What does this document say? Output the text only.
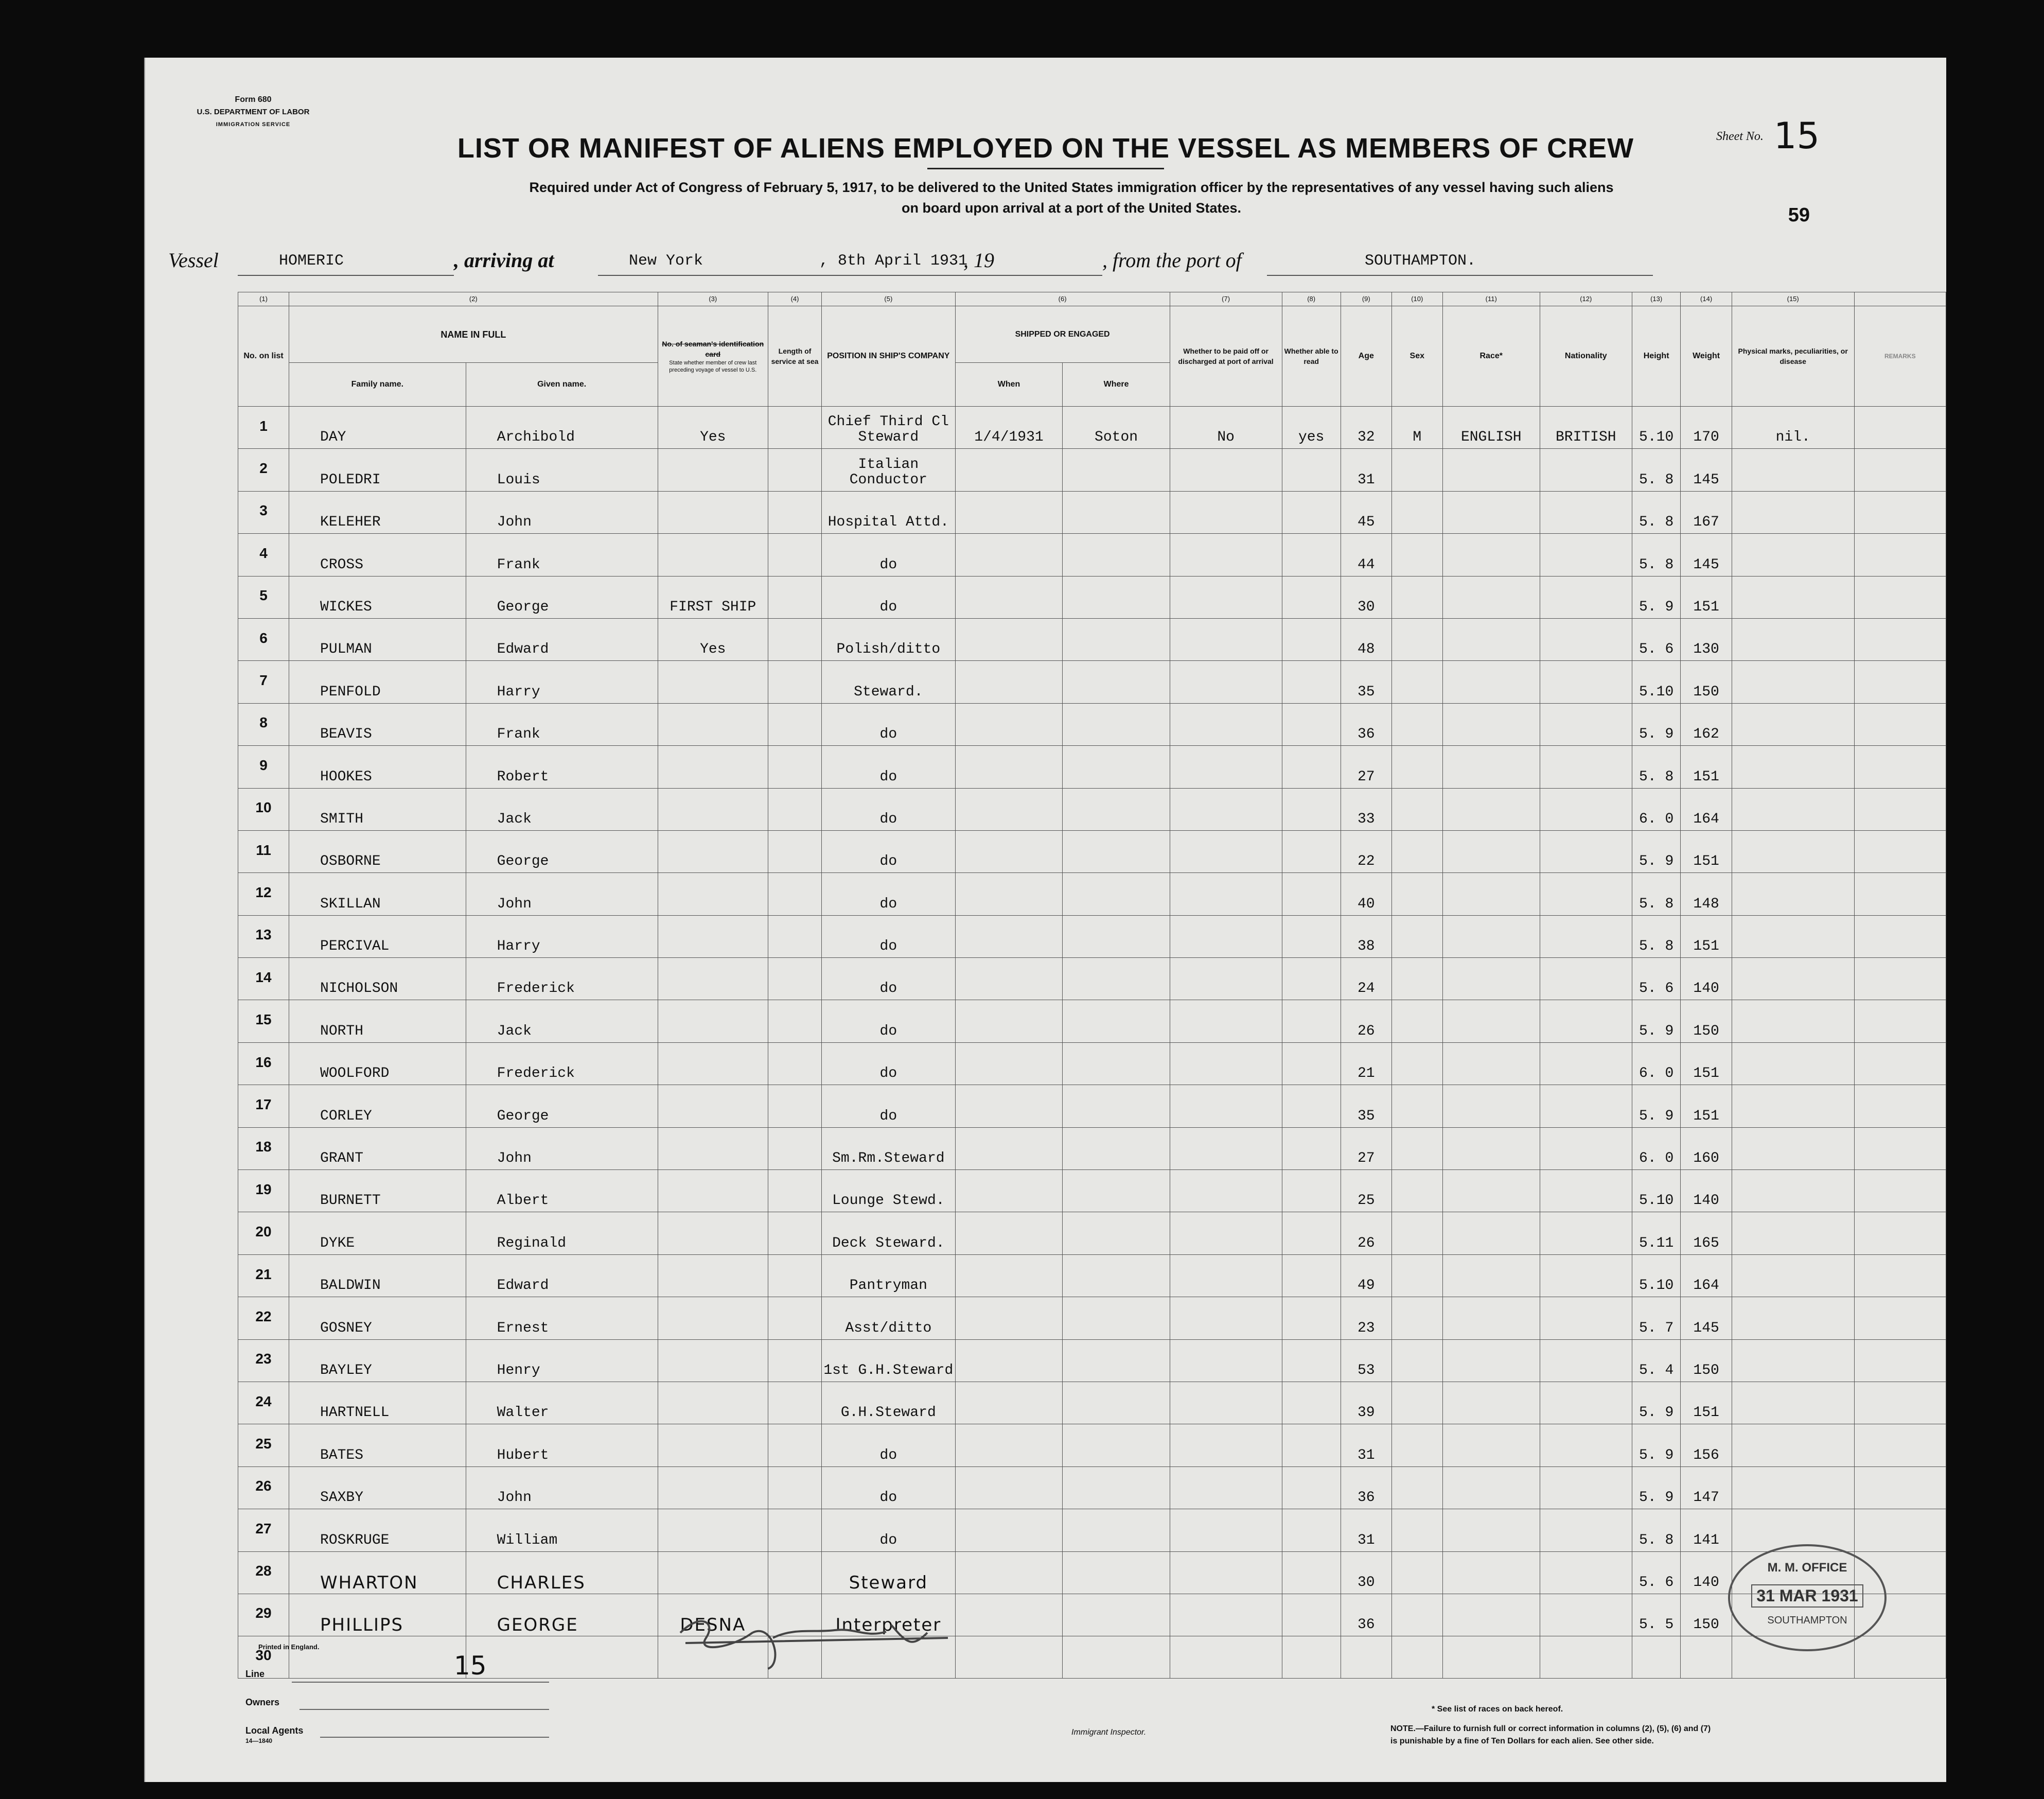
Form 680
U.S. DEPARTMENT OF LABOR
IMMIGRATION SERVICE
Sheet No. 15
LIST OR MANIFEST OF ALIENS EMPLOYED ON THE VESSEL AS MEMBERS OF CREW
Required under Act of Congress of February 5, 1917, to be delivered to the United States immigration officer by the representatives of any vessel having such aliens
on board upon arrival at a port of the United States.	59
Vessel	HOMERIC	, arriving at	New York	, 8th April 1931
, 19	, from the port of	SOUTHAMPTON.
(1)	(2)		(3)	(4)	(5)	(6)		(7)	(8)	(9)	(10)	(11)	(12)	(13)	(14)	(15)	
No. on list	NAME IN FULL		No. of seaman's identification card
State whether member of crew last preceding voyage of vessel to U.S.	Length of service at sea	POSITION IN SHIP'S COMPANY	SHIPPED OR ENGAGED		Whether to be paid off or discharged at port of arrival	Whether able to read	Age	Sex	Race*	Nationality	Height	Weight	Physical marks, peculiarities, or disease	REMARKS
	Family name.	Given name.				When	Where										
1	DAY	Archibold	Yes		Chief Third Cl Steward	1/4/1931	Soton	No	yes	32	M	ENGLISH	BRITISH	5.10	170	nil.	
2	POLEDRI	Louis			Italian Conductor					31				5. 8	145		
3	KELEHER	John			Hospital Attd.					45				5. 8	167		
4	CROSS	Frank			do					44				5. 8	145		
5	WICKES	George	FIRST SHIP		do					30				5. 9	151		
6	PULMAN	Edward	Yes		Polish/ditto					48				5. 6	130		
7	PENFOLD	Harry			Steward.					35				5.10	150		
8	BEAVIS	Frank			do					36				5. 9	162		
9	HOOKES	Robert			do					27				5. 8	151		
10	SMITH	Jack			do					33				6. 0	164		
11	OSBORNE	George			do					22				5. 9	151		
12	SKILLAN	John			do					40				5. 8	148		
13	PERCIVAL	Harry			do					38				5. 8	151		
14	NICHOLSON	Frederick			do					24				5. 6	140		
15	NORTH	Jack			do					26				5. 9	150		
16	WOOLFORD	Frederick			do					21				6. 0	151		
17	CORLEY	George			do					35				5. 9	151		
18	GRANT	John			Sm.Rm.Steward					27				6. 0	160		
19	BURNETT	Albert			Lounge Stewd.					25				5.10	140		
20	DYKE	Reginald			Deck Steward.					26				5.11	165		
21	BALDWIN	Edward			Pantryman					49				5.10	164		
22	GOSNEY	Ernest			Asst/ditto					23				5. 7	145		
23	BAYLEY	Henry			1st G.H.Steward					53				5. 4	150		
24	HARTNELL	Walter			G.H.Steward					39				5. 9	151		
25	BATES	Hubert			do					31				5. 9	156		
26	SAXBY	John			do					36				5. 9	147		
27	ROSKRUGE	William			do					31				5. 8	141		
28	WHARTON	CHARLES			Steward					30				5. 6	140		
29	PHILLIPS	GEORGE	DESNA		Interpreter					36				5. 5	150		
30																	
M. M. OFFICE
31 MAR 1931
SOUTHAMPTON
Printed in England.
Line	15
Owners
Local Agents
14—1840
Immigrant Inspector.
* See list of races on back hereof.
NOTE.—Failure to furnish full or correct information in columns (2), (5), (6) and (7)
is punishable by a fine of Ten Dollars for each alien. See other side.
